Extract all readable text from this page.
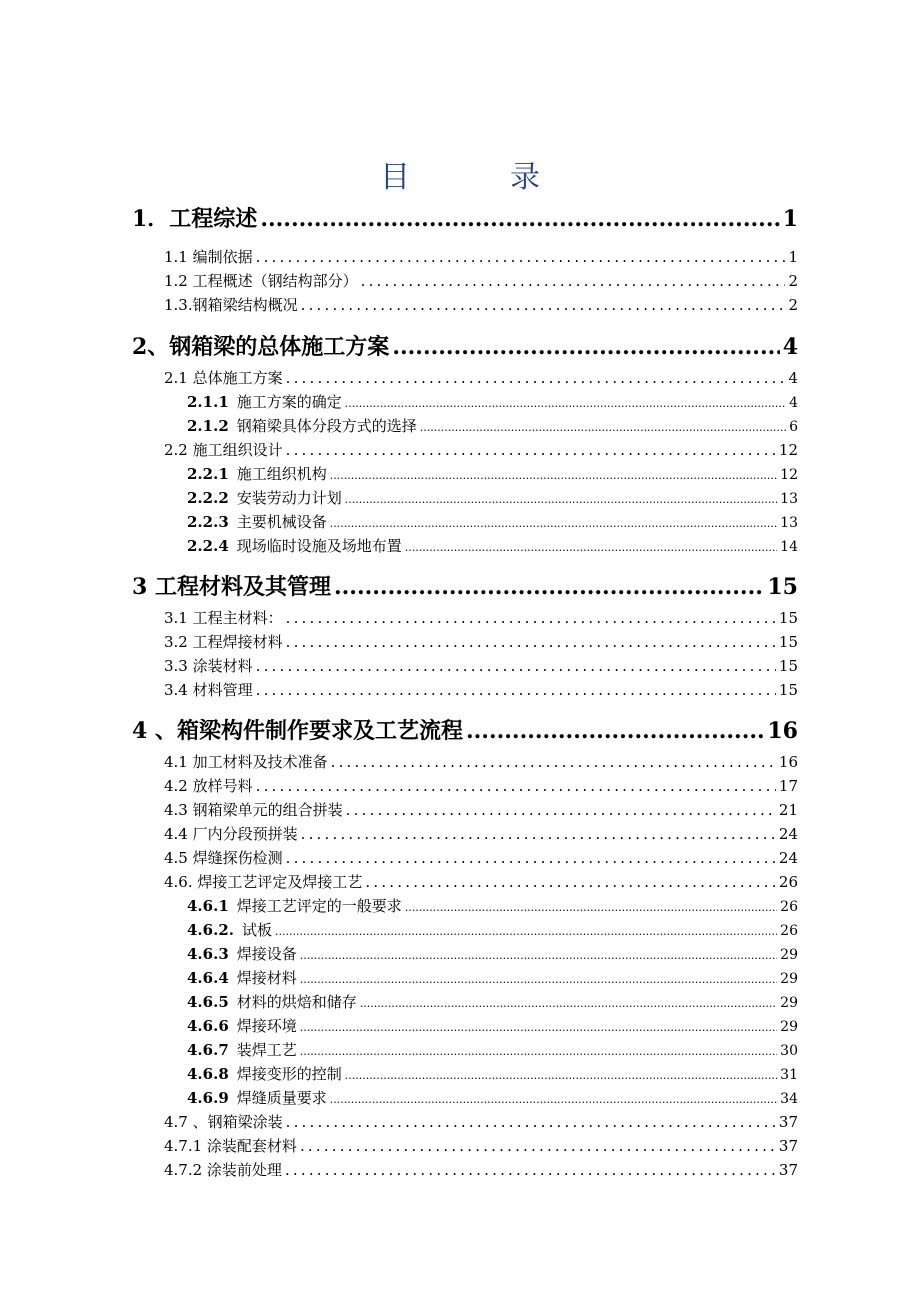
目	录
1．工程综述 .....	1
1.1 编制依据 .....	1
1.2 工程概述（钢结构部分） .....	2
1.3.钢箱梁结构概况 .....	2
2、钢箱梁的总体施工方案 .....	4
2.1 总体施工方案 .....	4
2.1.1 施工方案的确定 .....	4
2.1.2 钢箱梁具体分段方式的选择 .....	6
2.2 施工组织设计 .....	12
2.2.1 施工组织机构 .....	12
2.2.2 安装劳动力计划 .....	13
2.2.3 主要机械设备 .....	13
2.2.4 现场临时设施及场地布置 .....	14
3 工程材料及其管理 .....	15
3.1 工程主材料： .....	15
3.2 工程焊接材料 .....	15
3.3 涂装材料 .....	15
3.4 材料管理 .....	15
4 、箱梁构件制作要求及工艺流程 .....	16
4.1 加工材料及技术准备 .....	16
4.2 放样号料 .....	17
4.3 钢箱梁单元的组合拼装 .....	21
4.4 厂内分段预拼装 .....	24
4.5 焊缝探伤检测 .....	24
4.6. 焊接工艺评定及焊接工艺 .....	26
4.6.1 焊接工艺评定的一般要求 .....	26
4.6.2. 试板 .....	26
4.6.3 焊接设备 .....	29
4.6.4 焊接材料 .....	29
4.6.5 材料的烘焙和储存 .....	29
4.6.6 焊接环境 .....	29
4.6.7 装焊工艺 .....	30
4.6.8 焊接变形的控制 .....	31
4.6.9 焊缝质量要求 .....	34
4.7 、钢箱梁涂装 .....	37
4.7.1 涂装配套材料 .....	37
4.7.2 涂装前处理 .....	37
